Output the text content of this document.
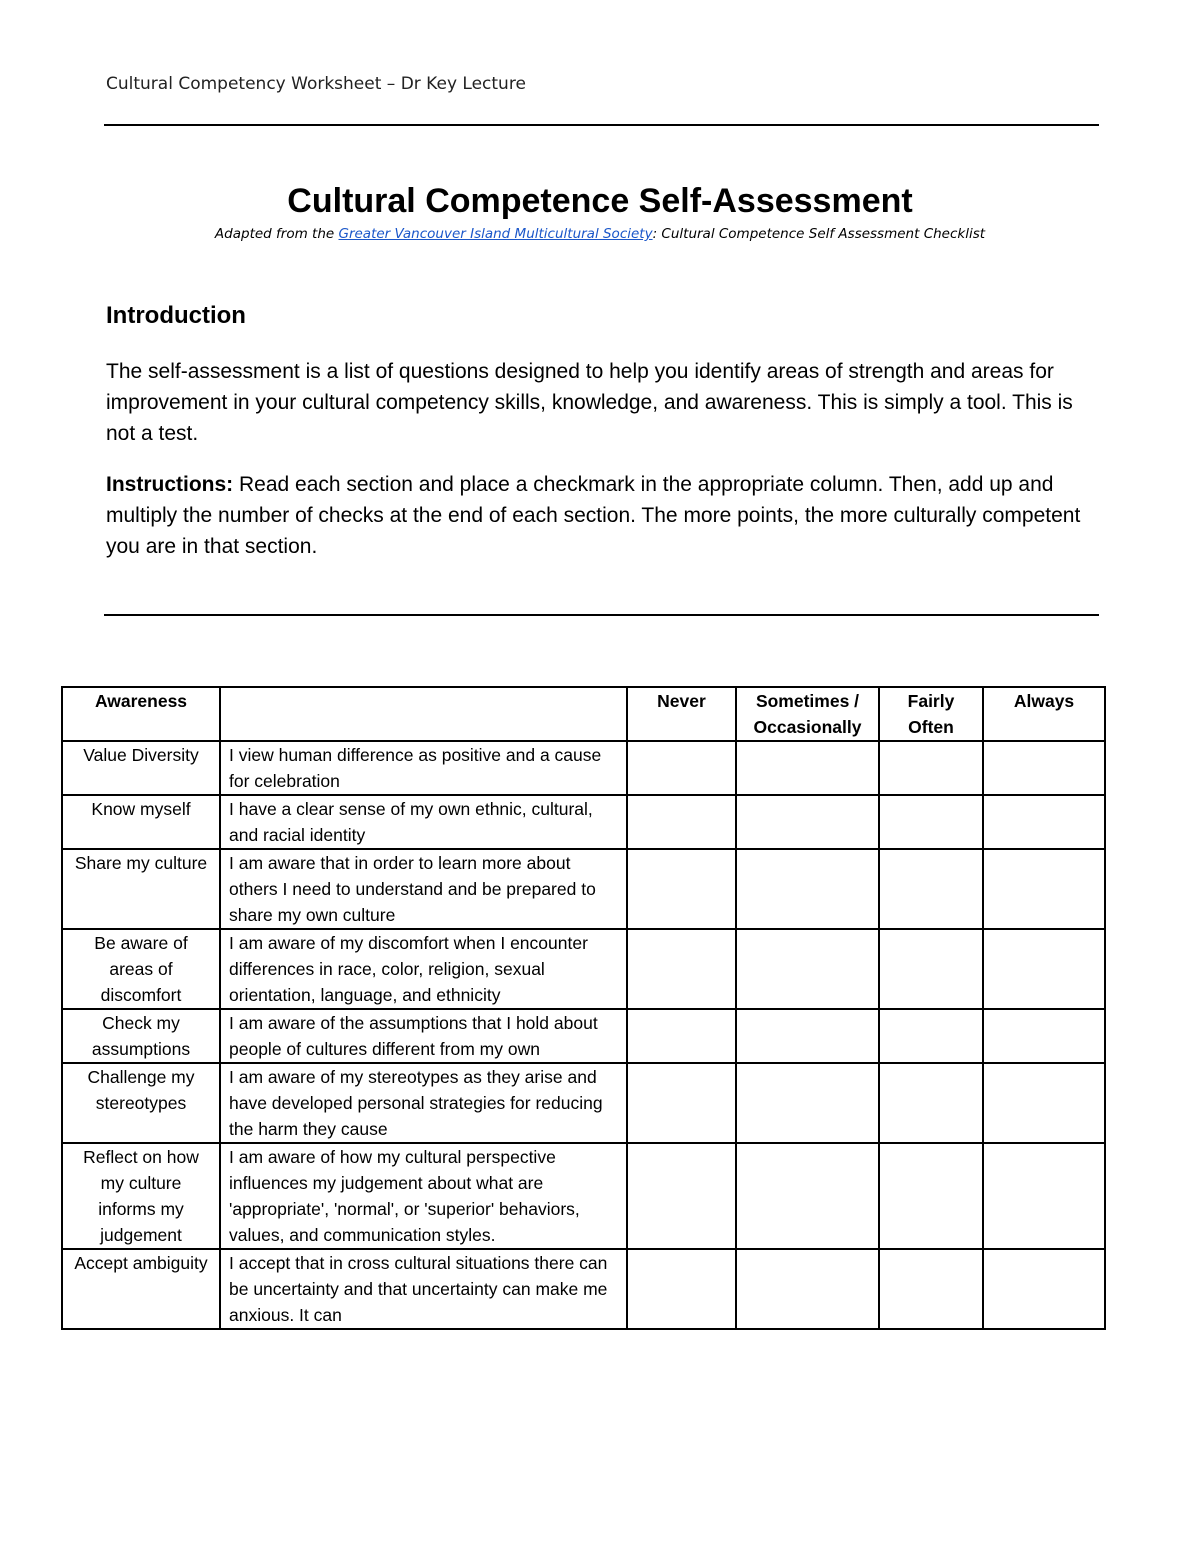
Cultural Competency Worksheet – Dr Key Lecture
Cultural Competence Self-Assessment
Adapted from the Greater Vancouver Island Multicultural Society: Cultural Competence Self Assessment Checklist
Introduction
The self-assessment is a list of questions designed to help you identify areas of strength and areas for improvement in your cultural competency skills, knowledge, and awareness. This is simply a tool. This is not a test.
Instructions: Read each section and place a checkmark in the appropriate column. Then, add up and multiply the number of checks at the end of each section. The more points, the more culturally competent you are in that section.
Awareness		Never	Sometimes / Occasionally	Fairly Often	Always
Value Diversity	I view human difference as positive and a cause for celebration				
Know myself	I have a clear sense of my own ethnic, cultural, and racial identity				
Share my culture	I am aware that in order to learn more about others I need to understand and be prepared to share my own culture				
Be aware of areas of discomfort	I am aware of my discomfort when I encounter differences in race, color, religion, sexual orientation, language, and ethnicity				
Check my assumptions	I am aware of the assumptions that I hold about people of cultures different from my own				
Challenge my stereotypes	I am aware of my stereotypes as they arise and have developed personal strategies for reducing the harm they cause				
Reflect on how my culture informs my judgement	I am aware of how my cultural perspective influences my judgement about what are 'appropriate', 'normal', or 'superior' behaviors, values, and communication styles.				
Accept ambiguity	I accept that in cross cultural situations there can be uncertainty and that uncertainty can make me anxious. It can				
